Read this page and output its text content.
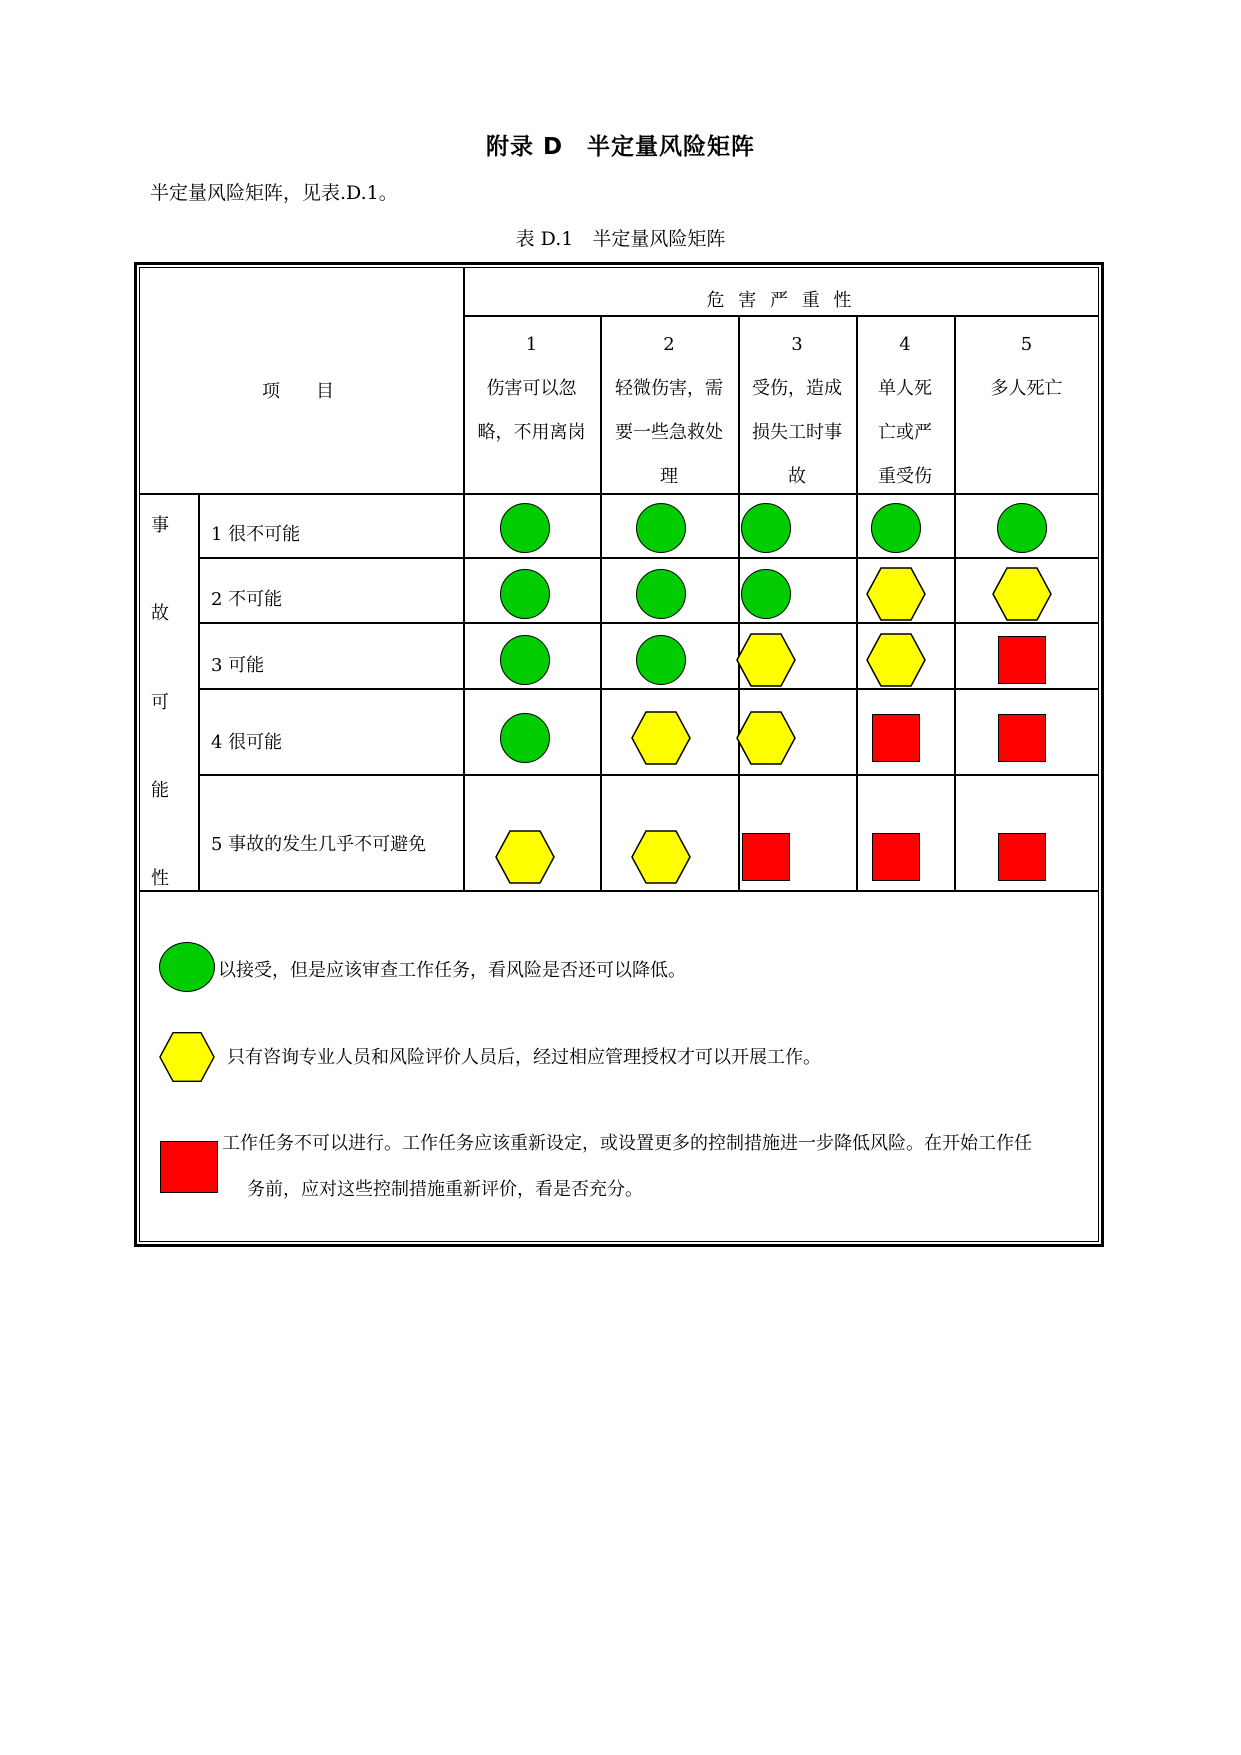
附录 D　半定量风险矩阵
半定量风险矩阵，见表.D.1。
表 D.1　半定量风险矩阵
项　　目
危 害 严 重 性
1
伤害可以忽
略，不用离岗
2
轻微伤害，需
要一些急救处
理
3
受伤，造成
损失工时事
故
4
单人死
亡或严
重受伤
5
多人死亡
事
故
可
能
性
1 很不可能
2 不可能
3 可能
4 很可能
5 事故的发生几乎不可避免
以接受，但是应该审查工作任务，看风险是否还可以降低。
只有咨询专业人员和风险评价人员后，经过相应管理授权才可以开展工作。
工作任务不可以进行。工作任务应该重新设定，或设置更多的控制措施进一步降低风险。在开始工作任
务前，应对这些控制措施重新评价，看是否充分。
